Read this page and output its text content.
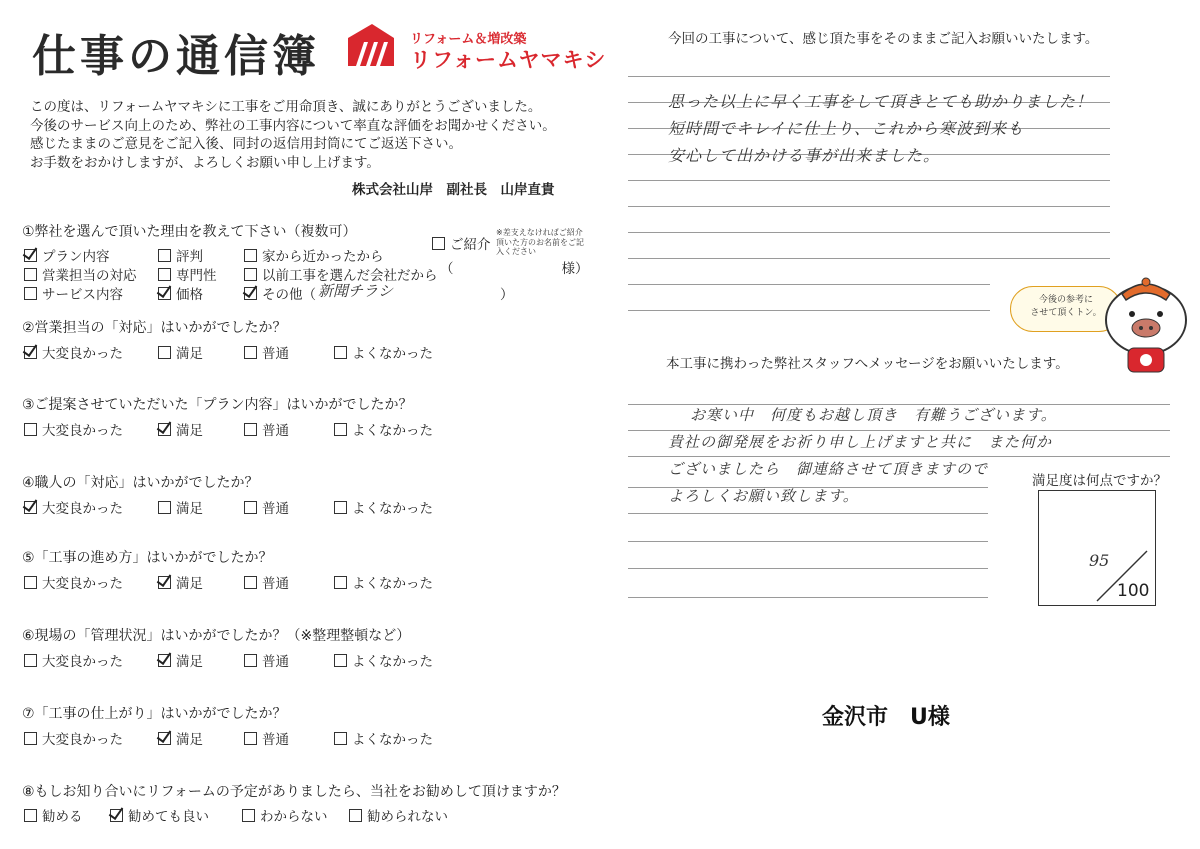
仕事の通信簿	リフォーム＆増改築
リフォームヤマキシ
この度は、リフォームヤマキシに工事をご用命頂き、誠にありがとうございました。
今後のサービス向上のため、弊社の工事内容について率直な評価をお聞かせください。
感じたままのご意見をご記入後、同封の返信用封筒にてご返送下さい。
お手数をおかけしますが、よろしくお願い申し上げます。
株式会社山岸　副社長　山岸直貴
①弊社を選んで頂いた理由を教えて下さい（複数可）
プラン内容	評判	家から近かったから
営業担当の対応	専門性	以前工事を選んだ会社だから
サービス内容	価格	その他（ 新聞チラシ	）
ご紹介
※差支えなければご紹介頂いた方のお名前をご記入ください
（　　　　　　　　様）
②営業担当の「対応」はいかがでしたか？
大変良かった	満足	普通	よくなかった
③ご提案させていただいた「プラン内容」はいかがでしたか？
大変良かった	満足	普通	よくなかった
④職人の「対応」はいかがでしたか？
大変良かった	満足	普通	よくなかった
⑤「工事の進め方」はいかがでしたか？
大変良かった	満足	普通	よくなかった
⑥現場の「管理状況」はいかがでしたか？（※整理整頓など）
大変良かった	満足	普通	よくなかった
⑦「工事の仕上がり」はいかがでしたか？
大変良かった	満足	普通	よくなかった
⑧もしお知り合いにリフォームの予定がありましたら、当社をお勧めして頂けますか？
勧める	勧めても良い	わからない	勧められない
今回の工事について、感じ頂た事をそのままご記入お願いいたします。
思った以上に早く工事をして頂きとても助かりました！
短時間でキレイに仕上り、これから寒波到来も
安心して出かける事が出来ました。
今後の参考に
させて頂くトン。
本工事に携わった弊社スタッフへメッセージをお願いいたします。
お寒い中　何度もお越し頂き　有難うございます。
貴社の御発展をお祈り申し上げますと共に　また何か
ございましたら　御連絡させて頂きますので
よろしくお願い致します。
満足度は何点ですか？
95
100
金沢市　U様
